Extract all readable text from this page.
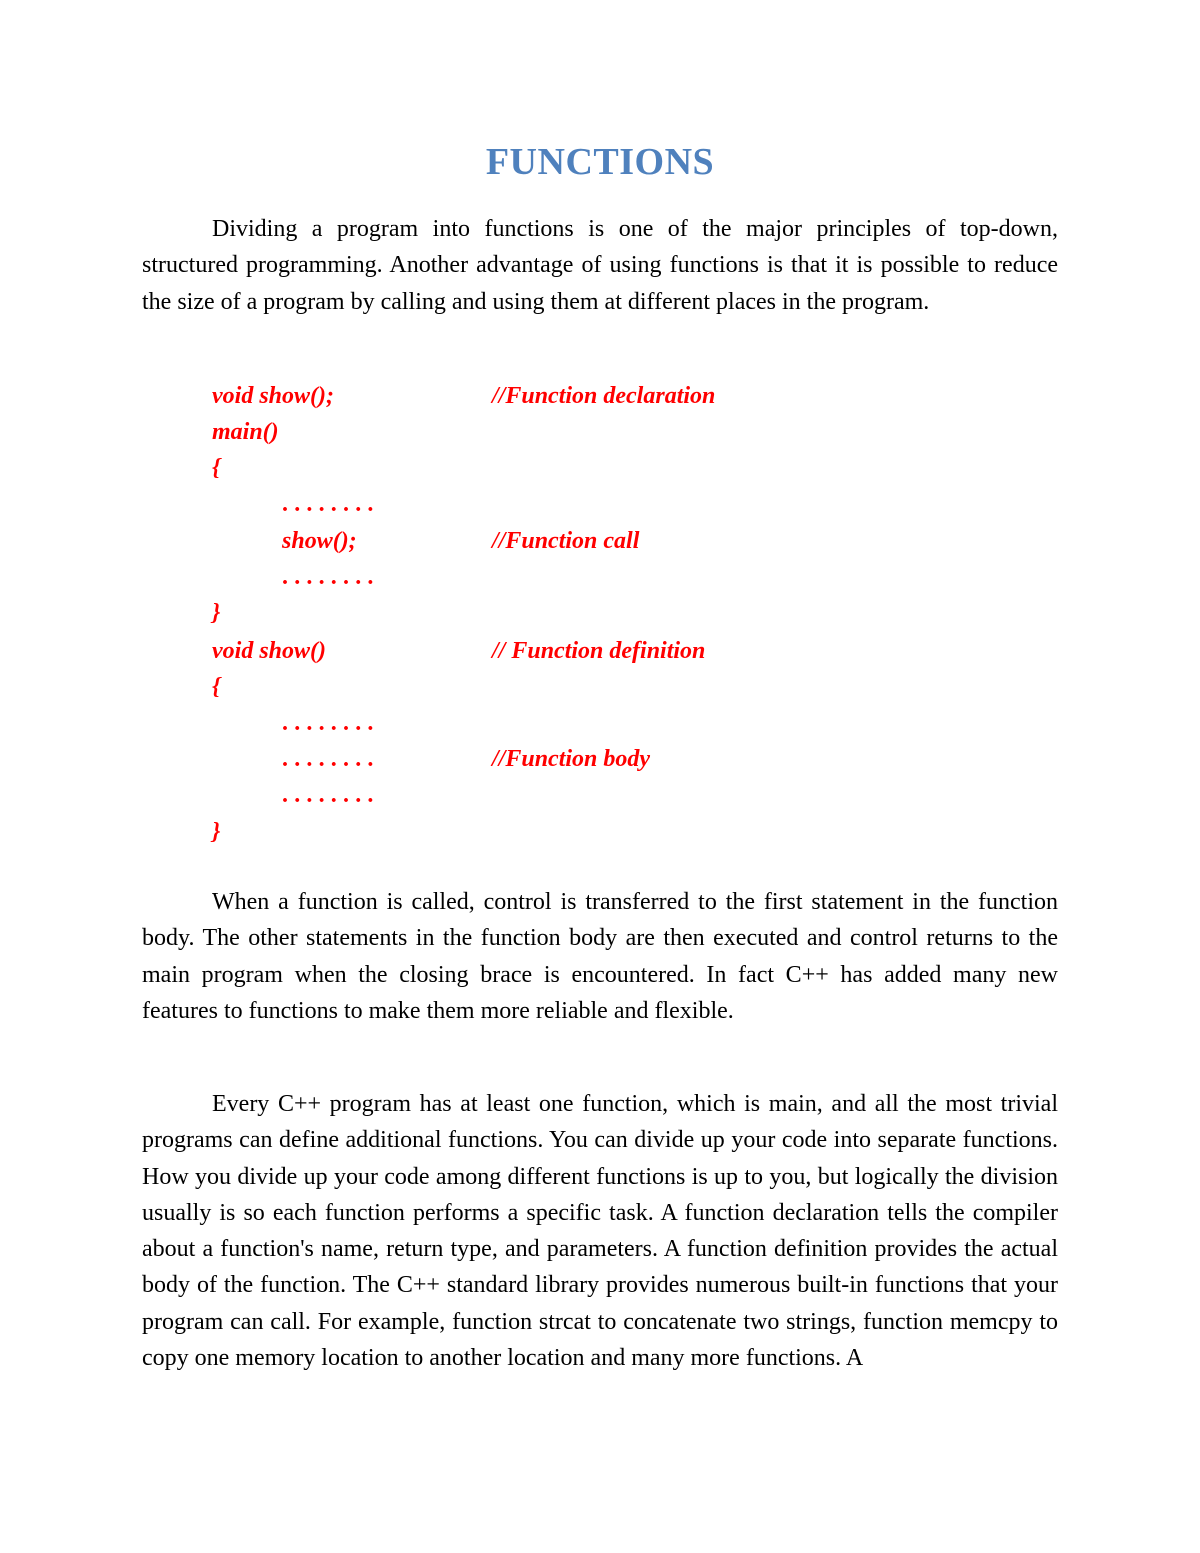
FUNCTIONS

Dividing a program into functions is one of the major principles of top-down, structured programming. Another advantage of using functions is that it is possible to reduce the size of a program by calling and using them at different places in the program.

void show();	//Function declaration
main()
{
........
show();	//Function call
........
}
void show()	// Function definition
{
........
........	//Function body
........
}

When a function is called, control is transferred to the first statement in the function body. The other statements in the function body are then executed and control returns to the main program when the closing brace is encountered. In fact C++ has added many new features to functions to make them more reliable and flexible.

Every C++ program has at least one function, which is main, and all the most trivial programs can define additional functions. You can divide up your code into separate functions. How you divide up your code among different functions is up to you, but logically the division usually is so each function performs a specific task. A function declaration tells the compiler about a function's name, return type, and parameters. A function definition provides the actual body of the function. The C++ standard library provides numerous built-in functions that your program can call. For example, function strcat to concatenate two strings, function memcpy to copy one memory location to another location and many more functions. A
